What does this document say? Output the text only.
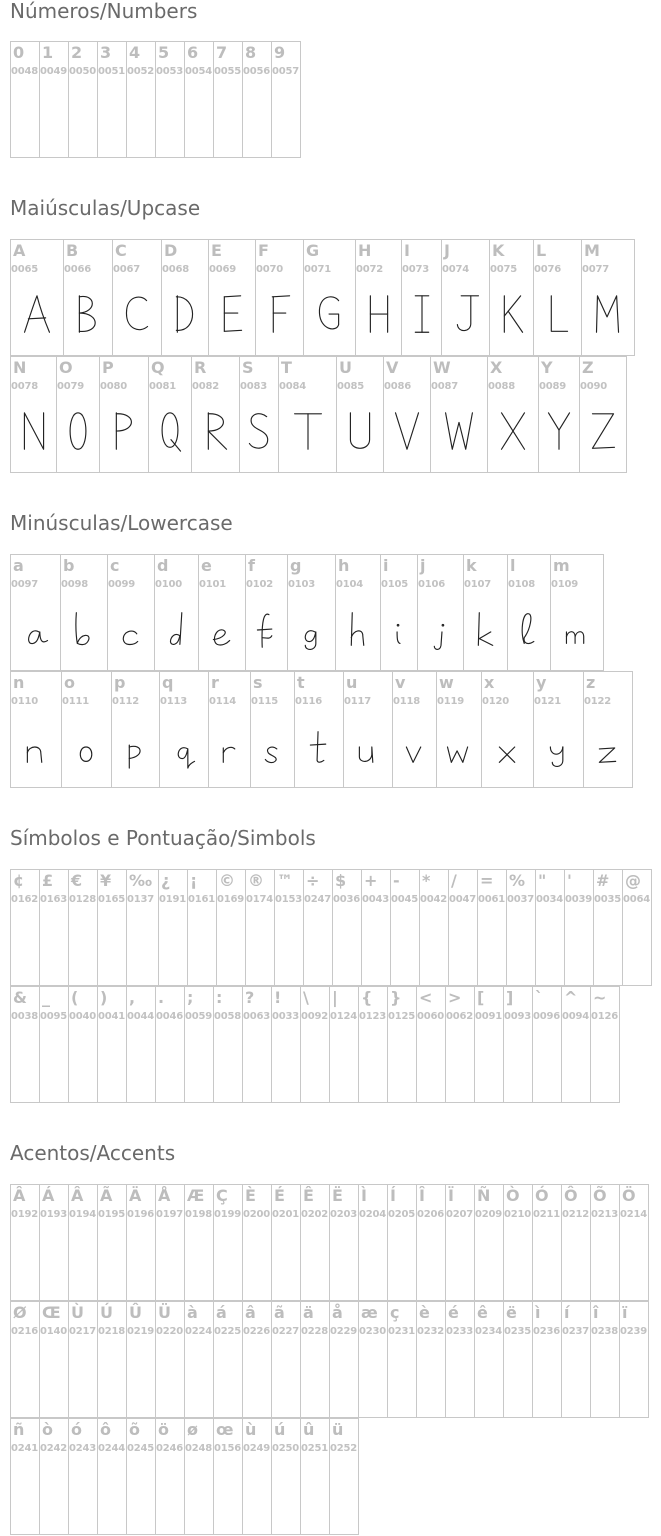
Números/Numbers
0
0048
1
0049
2
0050
3
0051
4
0052
5
0053
6
0054
7
0055
8
0056
9
0057
Maiúsculas/Upcase
A
0065
B
0066
C
0067
D
0068
E
0069
F
0070
G
0071
H
0072
I
0073
J
0074
K
0075
L
0076
M
0077
N
0078
O
0079
P
0080
Q
0081
R
0082
S
0083
T
0084
U
0085
V
0086
W
0087
X
0088
Y
0089
Z
0090
Minúsculas/Lowercase
a
0097
b
0098
c
0099
d
0100
e
0101
f
0102
g
0103
h
0104
i
0105
j
0106
k
0107
l
0108
m
0109
n
0110
o
0111
p
0112
q
0113
r
0114
s
0115
t
0116
u
0117
v
0118
w
0119
x
0120
y
0121
z
0122
Símbolos e Pontuação/Simbols
¢
0162
£
0163
€
0128
¥
0165
‰
0137
¿
0191
¡
0161
©
0169
®
0174
™
0153
÷
0247
$
0036
+
0043
-
0045
*
0042
/
0047
=
0061
%
0037
"
0034
'
0039
#
0035
@
0064
&
0038
_
0095
(
0040
)
0041
,
0044
.
0046
;
0059
:
0058
?
0063
!
0033
\
0092
|
0124
{
0123
}
0125
<
0060
>
0062
[
0091
]
0093
`
0096
^
0094
~
0126
Acentos/Accents
Â
0192
Á
0193
Â
0194
Ã
0195
Ä
0196
Å
0197
Æ
0198
Ç
0199
È
0200
É
0201
Ê
0202
Ë
0203
Ì
0204
Í
0205
Î
0206
Ï
0207
Ñ
0209
Ò
0210
Ó
0211
Ô
0212
Õ
0213
Ö
0214
Ø
0216
Œ
0140
Ù
0217
Ú
0218
Û
0219
Ü
0220
à
0224
á
0225
â
0226
ã
0227
ä
0228
å
0229
æ
0230
ç
0231
è
0232
é
0233
ê
0234
ë
0235
ì
0236
í
0237
î
0238
ï
0239
ñ
0241
ò
0242
ó
0243
ô
0244
õ
0245
ö
0246
ø
0248
œ
0156
ù
0249
ú
0250
û
0251
ü
0252
